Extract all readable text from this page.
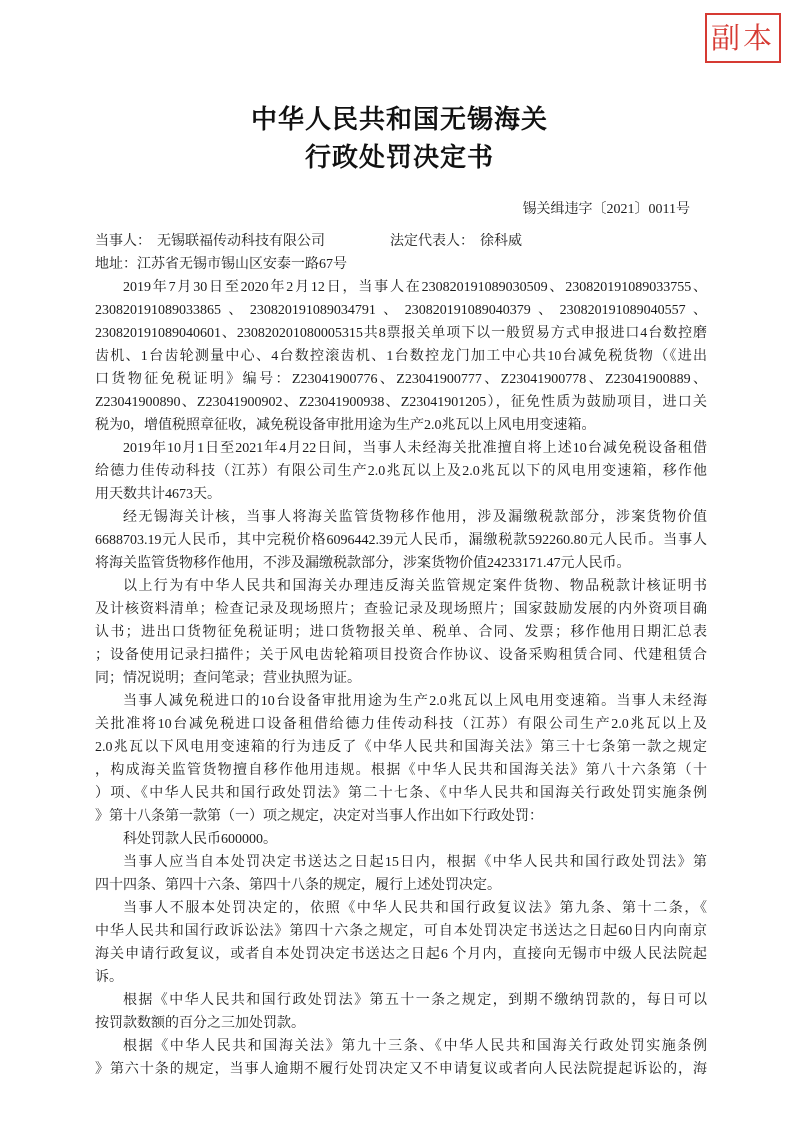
副本
中华人民共和国无锡海关
行政处罚决定书
锡关缉违字〔2021〕0011号
当事人： 无锡联福传动科技有限公司	法定代表人： 徐科威
地址：江苏省无锡市锡山区安泰一路67号
2019年7月30日至2020年2月12日，当事人在230820191089030509、230820191089033755、
230820191089033865、230820191089034791、230820191089040379、230820191089040557、
230820191089040601、230820201080005315共8票报关单项下以一般贸易方式申报进口4台数控磨
齿机、1台齿轮测量中心、4台数控滚齿机、1台数控龙门加工中心共10台减免税货物（《进出
口货物征免税证明》编号：Z23041900776、Z23041900777、Z23041900778、Z23041900889、
Z23041900890、Z23041900902、Z23041900938、Z23041901205），征免性质为鼓励项目，进口关
税为0，增值税照章征收，减免税设备审批用途为生产2.0兆瓦以上风电用变速箱。
2019年10月1日至2021年4月22日间，当事人未经海关批准擅自将上述10台减免税设备租借
给德力佳传动科技（江苏）有限公司生产2.0兆瓦以上及2.0兆瓦以下的风电用变速箱，移作他
用天数共计4673天。
经无锡海关计核，当事人将海关监管货物移作他用，涉及漏缴税款部分，涉案货物价值
6688703.19元人民币，其中完税价格6096442.39元人民币，漏缴税款592260.80元人民币。当事人
将海关监管货物移作他用，不涉及漏缴税款部分，涉案货物价值24233171.47元人民币。
以上行为有中华人民共和国海关办理违反海关监管规定案件货物、物品税款计核证明书
及计核资料清单；检查记录及现场照片；查验记录及现场照片；国家鼓励发展的内外资项目确
认书；进出口货物征免税证明；进口货物报关单、税单、合同、发票；移作他用日期汇总表
；设备使用记录扫描件；关于风电齿轮箱项目投资合作协议、设备采购租赁合同、代建租赁合
同；情况说明；查问笔录；营业执照为证。
当事人减免税进口的10台设备审批用途为生产2.0兆瓦以上风电用变速箱。当事人未经海
关批准将10台减免税进口设备租借给德力佳传动科技（江苏）有限公司生产2.0兆瓦以上及
2.0兆瓦以下风电用变速箱的行为违反了《中华人民共和国海关法》第三十七条第一款之规定
，构成海关监管货物擅自移作他用违规。根据《中华人民共和国海关法》第八十六条第（十
）项、《中华人民共和国行政处罚法》第二十七条、《中华人民共和国海关行政处罚实施条例
》第十八条第一款第（一）项之规定，决定对当事人作出如下行政处罚：
科处罚款人民币600000。
当事人应当自本处罚决定书送达之日起15日内，根据《中华人民共和国行政处罚法》第
四十四条、第四十六条、第四十八条的规定，履行上述处罚决定。
当事人不服本处罚决定的，依照《中华人民共和国行政复议法》第九条、第十二条，《
中华人民共和国行政诉讼法》第四十六条之规定，可自本处罚决定书送达之日起60日内向南京
海关申请行政复议，或者自本处罚决定书送达之日起6 个月内，直接向无锡市中级人民法院起
诉。
根据《中华人民共和国行政处罚法》第五十一条之规定，到期不缴纳罚款的，每日可以
按罚款数额的百分之三加处罚款。
根据《中华人民共和国海关法》第九十三条、《中华人民共和国海关行政处罚实施条例
》第六十条的规定，当事人逾期不履行处罚决定又不申请复议或者向人民法院提起诉讼的，海
